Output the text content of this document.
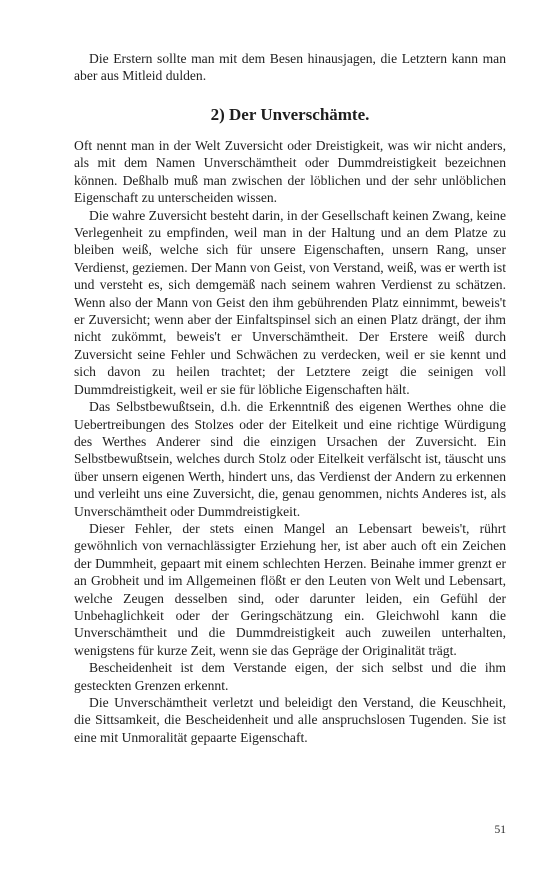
Die Erstern sollte man mit dem Besen hinausjagen, die Letztern kann man aber aus Mitleid dulden.

2) Der Unverschämte.

Oft nennt man in der Welt Zuversicht oder Dreistigkeit, was wir nicht anders, als mit dem Namen Unverschämtheit oder Dummdreistigkeit bezeichnen können. Deßhalb muß man zwischen der löblichen und der sehr unlöblichen Eigenschaft zu unterscheiden wissen.

Die wahre Zuversicht besteht darin, in der Gesellschaft keinen Zwang, keine Verlegenheit zu empfinden, weil man in der Haltung und an dem Platze zu bleiben weiß, welche sich für unsere Eigenschaften, unsern Rang, unser Verdienst, geziemen. Der Mann von Geist, von Verstand, weiß, was er werth ist und versteht es, sich demgemäß nach seinem wahren Verdienst zu schätzen. Wenn also der Mann von Geist den ihm gebührenden Platz einnimmt, beweis't er Zuversicht; wenn aber der Einfaltspinsel sich an einen Platz drängt, der ihm nicht zukömmt, beweis't er Unverschämtheit. Der Erstere weiß durch Zuversicht seine Fehler und Schwächen zu verdecken, weil er sie kennt und sich davon zu heilen trachtet; der Letztere zeigt die seinigen voll Dummdreistigkeit, weil er sie für löbliche Eigenschaften hält.

Das Selbstbewußtsein, d.h. die Erkenntniß des eigenen Werthes ohne die Uebertreibungen des Stolzes oder der Eitelkeit und eine richtige Würdigung des Werthes Anderer sind die einzigen Ursachen der Zuversicht. Ein Selbstbewußtsein, welches durch Stolz oder Eitelkeit verfälscht ist, täuscht uns über unsern eigenen Werth, hindert uns, das Verdienst der Andern zu erkennen und verleiht uns eine Zuversicht, die, genau genommen, nichts Anderes ist, als Unverschämtheit oder Dummdreistigkeit.

Dieser Fehler, der stets einen Mangel an Lebensart beweis't, rührt gewöhnlich von vernachlässigter Erziehung her, ist aber auch oft ein Zeichen der Dummheit, gepaart mit einem schlechten Herzen. Beinahe immer grenzt er an Grobheit und im Allgemeinen flößt er den Leuten von Welt und Lebensart, welche Zeugen desselben sind, oder darunter leiden, ein Gefühl der Unbehaglichkeit oder der Geringschätzung ein. Gleichwohl kann die Unverschämtheit und die Dummdreistigkeit auch zuweilen unterhalten, wenigstens für kurze Zeit, wenn sie das Gepräge der Originalität trägt.

Bescheidenheit ist dem Verstande eigen, der sich selbst und die ihm gesteckten Grenzen erkennt.

Die Unverschämtheit verletzt und beleidigt den Verstand, die Keuschheit, die Sittsamkeit, die Bescheidenheit und alle anspruchslosen Tugenden. Sie ist eine mit Unmoralität gepaarte Eigenschaft.

51
